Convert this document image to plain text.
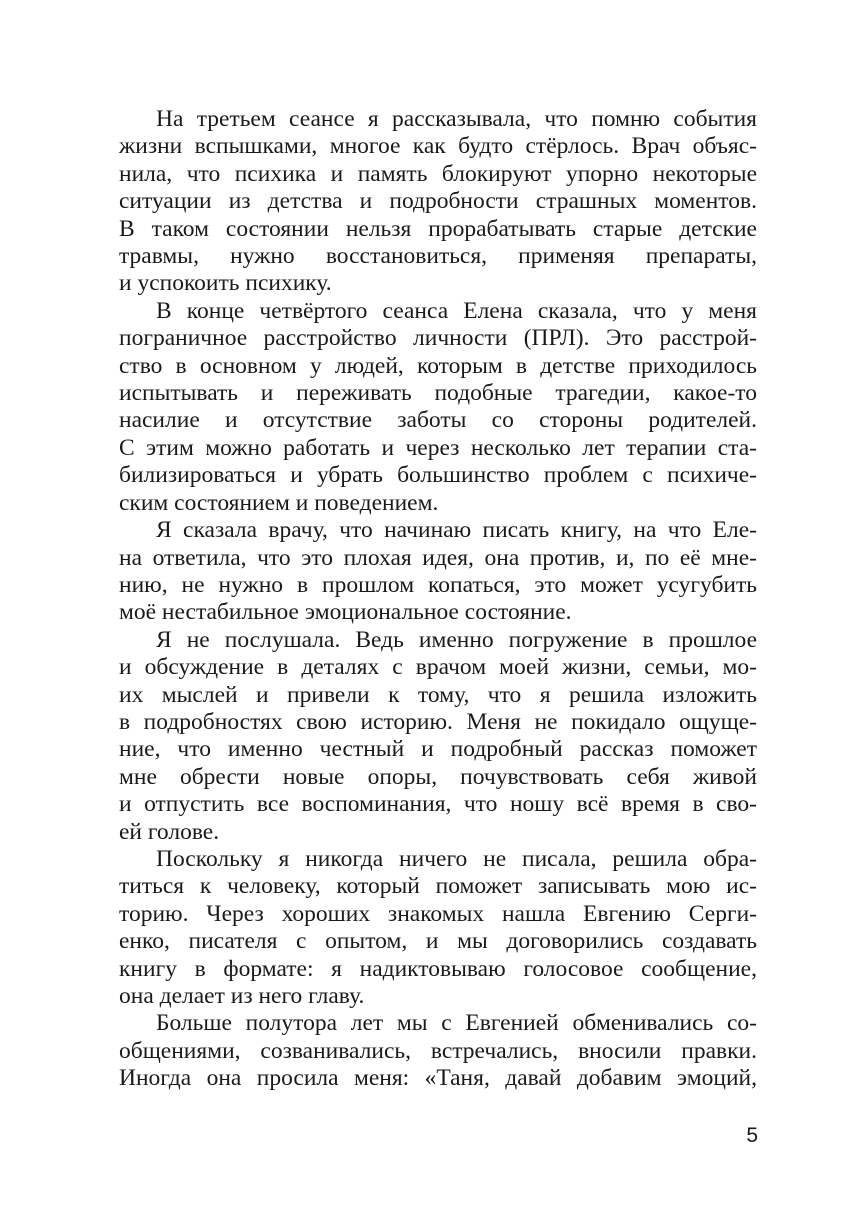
На третьем сеансе я рассказывала, что помню события
жизни вспышками, многое как будто стёрлось. Врач объяс-
нила, что психика и память блокируют упорно некоторые
ситуации из детства и подробности страшных моментов.
В таком состоянии нельзя прорабатывать старые детские
травмы, нужно восстановиться, применяя препараты,
и успокоить психику.
В конце четвёртого сеанса Елена сказала, что у меня
пограничное расстройство личности (ПРЛ). Это расстрой-
ство в основном у людей, которым в детстве приходилось
испытывать и переживать подобные трагедии, какое-то
насилие и отсутствие заботы со стороны родителей.
С этим можно работать и через несколько лет терапии ста-
билизироваться и убрать большинство проблем с психиче-
ским состоянием и поведением.
Я сказала врачу, что начинаю писать книгу, на что Еле-
на ответила, что это плохая идея, она против, и, по её мне-
нию, не нужно в прошлом копаться, это может усугубить
моё нестабильное эмоциональное состояние.
Я не послушала. Ведь именно погружение в прошлое
и обсуждение в деталях с врачом моей жизни, семьи, мо-
их мыслей и привели к тому, что я решила изложить
в подробностях свою историю. Меня не покидало ощуще-
ние, что именно честный и подробный рассказ поможет
мне обрести новые опоры, почувствовать себя живой
и отпустить все воспоминания, что ношу всё время в сво-
ей голове.
Поскольку я никогда ничего не писала, решила обра-
титься к человеку, который поможет записывать мою ис-
торию. Через хороших знакомых нашла Евгению Серги-
енко, писателя с опытом, и мы договорились создавать
книгу в формате: я надиктовываю голосовое сообщение,
она делает из него главу.
Больше полутора лет мы с Евгенией обменивались со-
общениями, созванивались, встречались, вносили правки.
Иногда она просила меня: «Таня, давай добавим эмоций,
5
